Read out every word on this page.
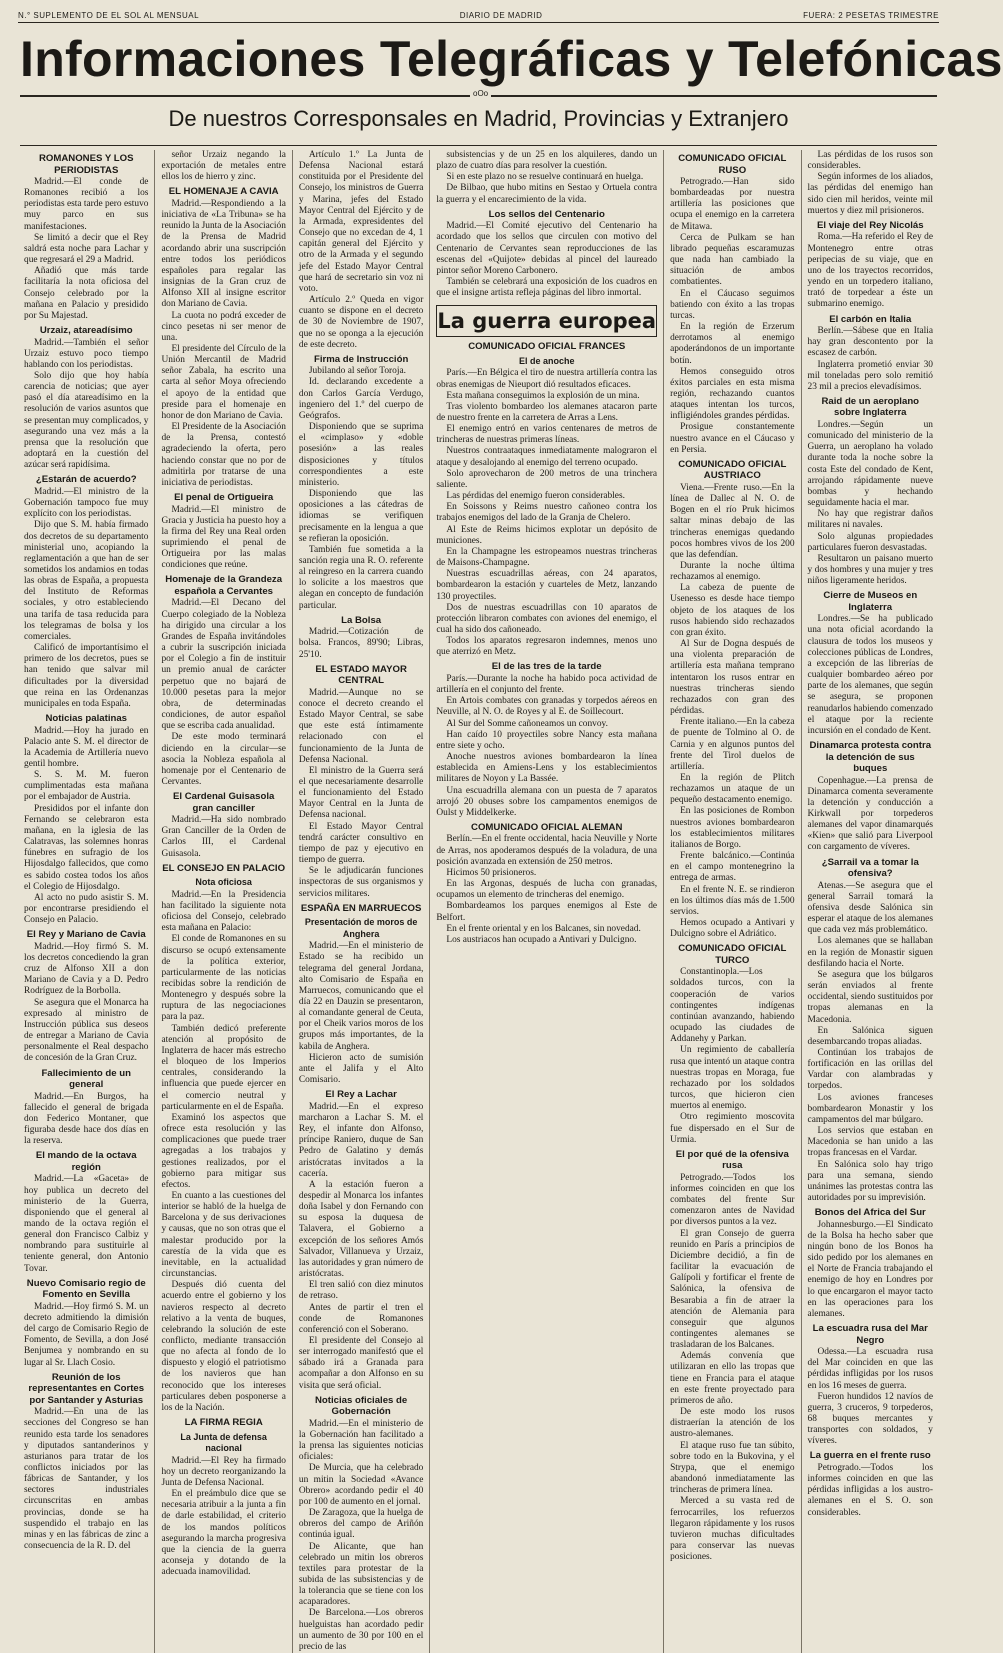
N.° SUPLEMENTO DE EL SOL AL MENSUAL	DIARIO DE MADRID	FUERA: 2 PESETAS TRIMESTRE
Informaciones Telegráficas y Telefónicas
oOo
De nuestros Corresponsales en Madrid, Provincias y Extranjero
ROMANONES Y LOS PERIODISTAS

Madrid.—El conde de Romanones recibió a los periodistas esta tarde pero estuvo muy parco en sus manifestaciones.

Se limitó a decir que el Rey saldrá esta noche para Lachar y que regresará el 29 a Madrid.

Añadió que más tarde facilitaría la nota oficiosa del Consejo celebrado por la mañana en Palacio y presidido por Su Majestad.

Urzaiz, atareadísimo

Madrid.—También el señor Urzaiz estuvo poco tiempo hablando con los periodistas.

Solo dijo que hoy había carencia de noticias; que ayer pasó el día atareadísimo en la resolución de varios asuntos que se presentan muy complicados, y asegurando una vez más a la prensa que la resolución que adoptará en la cuestión del azúcar será rapidísima.

¿Estarán de acuerdo?

Madrid.—El ministro de la Gobernación tampoco fue muy explícito con los periodistas.

Dijo que S. M. había firmado dos decretos de su departamento ministerial uno, acopiando la reglamentación a que han de ser sometidos los andamios en todas las obras de España, a propuesta del Instituto de Reformas sociales, y otro estableciendo una tarifa de tasa reducida para los telegramas de bolsa y los comerciales.

Calificó de importantísimo el primero de los decretos, pues se han tenido que salvar mil dificultades por la diversidad que reina en las Ordenanzas municipales en toda España.

Noticias palatinas

Madrid.—Hoy ha jurado en Palacio ante S. M. el director de la Academia de Artillería nuevo gentil hombre.

S. S. M. M. fueron cumplimentadas esta mañana por el embajador de Austria.

Presididos por el infante don Fernando se celebraron esta mañana, en la iglesia de las Calatravas, las solemnes honras fúnebres en sufragio de los Hijosdalgo fallecidos, que como es sabido costea todos los años el Colegio de Hijosdalgo.

Al acto no pudo asistir S. M. por encontrarse presidiendo el Consejo en Palacio.

El Rey y Mariano de Cavia

Madrid.—Hoy firmó S. M. los decretos concediendo la gran cruz de Alfonso XII a don Mariano de Cavia y a D. Pedro Rodríguez de la Borbolla.

Se asegura que el Monarca ha expresado al ministro de Instrucción pública sus deseos de entregar a Mariano de Cavia personalmente el Real despacho de concesión de la Gran Cruz.

Fallecimiento de un general

Madrid.—En Burgos, ha fallecido el general de brigada don Federico Montaner, que figuraba desde hace dos días en la reserva.

El mando de la octava región

Madrid.—La «Gaceta» de hoy publica un decreto del ministerio de la Guerra, disponiendo que el general al mando de la octava región el general don Francisco Calbiz y nombrando para sustituirle al teniente general, don Antonio Tovar.

Nuevo Comisario regio de Fomento en Sevilla

Madrid.—Hoy firmó S. M. un decreto admitiendo la dimisión del cargo de Comisario Regio de Fomento, de Sevilla, a don José Benjumea y nombrando en su lugar al Sr. Llach Cosio.

Reunión de los representantes en Cortes por Santander y Asturias

Madrid.—En una de las secciones del Congreso se han reunido esta tarde los senadores y diputados santanderinos y asturianos para tratar de los conflictos iniciados por las fábricas de Santander, y los sectores industriales circunscritas en ambas provincias, donde se ha suspendido el trabajo en las minas y en las fábricas de zinc a consecuencia de la R. D. del

señor Urzaiz negando la exportación de metales entre ellos los de hierro y zinc.

EL HOMENAJE A CAVIA

Madrid.—Respondiendo a la iniciativa de «La Tribuna» se ha reunido la Junta de la Asociación de la Prensa de Madrid acordando abrir una suscripción entre todos los periódicos españoles para regalar las insignias de la Gran cruz de Alfonso XII al insigne escritor don Mariano de Cavia.

La cuota no podrá exceder de cinco pesetas ni ser menor de una.

El presidente del Círculo de la Unión Mercantil de Madrid señor Zabala, ha escrito una carta al señor Moya ofreciendo el apoyo de la entidad que preside para el homenaje en honor de don Mariano de Cavia.

El Presidente de la Asociación de la Prensa, contestó agradeciendo la oferta, pero haciendo constar que no por de admitirla por tratarse de una iniciativa de periodistas.

El penal de Ortigueira

Madrid.—El ministro de Gracia y Justicia ha puesto hoy a la firma del Rey una Real orden suprimiendo el penal de Ortigueira por las malas condiciones que reúne.

Homenaje de la Grandeza española a Cervantes

Madrid.—El Decano del Cuerpo colegiado de la Nobleza ha dirigido una circular a los Grandes de España invitándoles a cubrir la suscripción iniciada por el Colegio a fin de instituir un premio anual de carácter perpetuo que no bajará de 10.000 pesetas para la mejor obra, de determinadas condiciones, de autor español que se escriba cada anualidad.

De este modo terminará diciendo en la circular—se asocia la Nobleza española al homenaje por el Centenario de Cervantes.

El Cardenal Guisasola gran canciller

Madrid.—Ha sido nombrado Gran Canciller de la Orden de Carlos III, el Cardenal Guisasola.

EL CONSEJO EN PALACIO
Nota oficiosa

Madrid.—En la Presidencia han facilitado la siguiente nota oficiosa del Consejo, celebrado esta mañana en Palacio:

El conde de Romanones en su discurso se ocupó extensamente de la política exterior, particularmente de las noticias recibidas sobre la rendición de Montenegro y después sobre la ruptura de las negociaciones para la paz.

También dedicó preferente atención al propósito de Inglaterra de hacer más estrecho el bloqueo de los Imperios centrales, considerando la influencia que puede ejercer en el comercio neutral y particularmente en el de España.

Examinó los aspectos que ofrece esta resolución y las complicaciones que puede traer agregadas a los trabajos y gestiones realizados, por el gobierno para mitigar sus efectos.

En cuanto a las cuestiones del interior se habló de la huelga de Barcelona y de sus derivaciones y causas, que no son otras que el malestar producido por la carestía de la vida que es inevitable, en la actualidad circunstancias.

Después dió cuenta del acuerdo entre el gobierno y los navieros respecto al decreto relativo a la venta de buques, celebrando la solución de este conflicto, mediante transacción que no afecta al fondo de lo dispuesto y elogió el patriotismo de los navieros que han reconocido que los intereses particulares deben posponerse a los de la Nación.

LA FIRMA REGIA
La Junta de defensa nacional

Madrid.—El Rey ha firmado hoy un decreto reorganizando la Junta de Defensa Nacional.

En el preámbulo dice que se necesaria atribuir a la junta a fin de darle estabilidad, el criterio de los mandos políticos asegurando la marcha progresiva que la ciencia de la guerra aconseja y dotando de la adecuada inamovilidad.

Artículo 1.º La Junta de Defensa Nacional estará constituida por el Presidente del Consejo, los ministros de Guerra y Marina, jefes del Estado Mayor Central del Ejército y de la Armada, expresidentes del Consejo que no excedan de 4, 1 capitán general del Ejército y otro de la Armada y el segundo jefe del Estado Mayor Central que hará de secretario sin voz ni voto.

Artículo 2.º Queda en vigor cuanto se dispone en el decreto de 30 de Noviembre de 1907, que no se oponga a la ejecución de este decreto.

Firma de Instrucción

Jubilando al señor Toroja.

Id. declarando excedente a don Carlos García Verdugo, ingeniero del 1.º del cuerpo de Geógrafos.

Disponiendo que se suprima el «cimplaso» y «doble posesión» a las reales disposiciones y títulos correspondientes a este ministerio.

Disponiendo que las oposiciones a las cátedras de idiomas se verifiquen precisamente en la lengua a que se refieran la oposición.

También fue sometida a la sanción regia una R. O. referente al reingreso en la carrera cuando lo solicite a los maestros que alegan en concepto de fundación particular.

La Bolsa

Madrid.—Cotización de bolsa. Francos, 89'90; Libras, 25'10.

EL ESTADO MAYOR CENTRAL

Madrid.—Aunque no se conoce el decreto creando el Estado Mayor Central, se sabe que este está íntimamente relacionado con el funcionamiento de la Junta de Defensa Nacional.

El ministro de la Guerra será el que necesariamente desarrolle el funcionamiento del Estado Mayor Central en la Junta de Defensa nacional.

El Estado Mayor Central tendrá carácter consultivo en tiempo de paz y ejecutivo en tiempo de guerra.

Se le adjudicarán funciones inspectoras de sus organismos y servicios militares.

ESPAÑA EN MARRUECOS
Presentación de moros de Anghera

Madrid.—En el ministerio de Estado se ha recibido un telegrama del general Jordana, alto Comisario de España en Marruecos, comunicando que el día 22 en Dauzin se presentaron, al comandante general de Ceuta, por el Cheik varios moros de los grupos más importantes, de la kabila de Anghera.

Hicieron acto de sumisión ante el Jalifa y el Alto Comisario.

El Rey a Lachar

Madrid.—En el expreso marcharon a Lachar S. M. el Rey, el infante don Alfonso, príncipe Raniero, duque de San Pedro de Galatino y demás aristócratas invitados a la cacería.

A la estación fueron a despedir al Monarca los infantes doña Isabel y don Fernando con su esposa la duquesa de Talavera, el Gobierno a excepción de los señores Amós Salvador, Villanueva y Urzaiz, las autoridades y gran número de aristócratas.

El tren salió con diez minutos de retraso.

Antes de partir el tren el conde de Romanones conferenció con el Soberano.

El presidente del Consejo al ser interrogado manifestó que el sábado irá a Granada para acompañar a don Alfonso en su visita que será oficial.

Noticias oficiales de Gobernación

Madrid.—En el ministerio de la Gobernación han facilitado a la prensa las siguientes noticias oficiales:

De Murcia, que ha celebrado un mitin la Sociedad «Avance Obrero» acordando pedir el 40 por 100 de aumento en el jornal.

De Zaragoza, que la huelga de obreros del campo de Ariñón continúa igual.

De Alicante, que han celebrado un mitin los obreros textiles para protestar de la subida de las subsistencias y de la tolerancia que se tiene con los acaparadores.

De Barcelona.—Los obreros huelguistas han acordado pedir un aumento de 30 por 100 en el precio de las

subsistencias y de un 25 en los alquileres, dando un plazo de cuatro días para resolver la cuestión.

Si en este plazo no se resuelve continuará en huelga.

De Bilbao, que hubo mitins en Sestao y Ortuela contra la guerra y el encarecimiento de la vida.

Los sellos del Centenario

Madrid.—El Comité ejecutivo del Centenario ha acordado que los sellos que circulen con motivo del Centenario de Cervantes sean reproducciones de las escenas del «Quijote» debidas al pincel del laureado pintor señor Moreno Carbonero.

También se celebrará una exposición de los cuadros en que el insigne artista refleja páginas del libro inmortal.

La guerra europea
COMUNICADO OFICIAL FRANCES
El de anoche

París.—En Bélgica el tiro de nuestra artillería contra las obras enemigas de Nieuport dió resultados eficaces.

Esta mañana conseguimos la explosión de un mina.

Tras violento bombardeo los alemanes atacaron parte de nuestro frente en la carretera de Arras a Lens.

El enemigo entró en varios centenares de metros de trincheras de nuestras primeras líneas.

Nuestros contraataques inmediatamente malograron el ataque y desalojando al enemigo del terreno ocupado.

Solo aprovecharon de 200 metros de una trinchera saliente.

Las pérdidas del enemigo fueron considerables.

En Soissons y Reims nuestro cañoneo contra los trabajos enemigos del lado de la Granja de Chelero.

Al Este de Reims hicimos explotar un depósito de municiones.

En la Champagne les estropeamos nuestras trincheras de Maisons-Champagne.

Nuestras escuadrillas aéreas, con 24 aparatos, bombardearon la estación y cuarteles de Metz, lanzando 130 proyectiles.

Dos de nuestras escuadrillas con 10 aparatos de protección libraron combates con aviones del enemigo, el cual ha sido dos cañoneado.

Todos los aparatos regresaron indemnes, menos uno que aterrizó en Metz.

El de las tres de la tarde

París.—Durante la noche ha habido poca actividad de artillería en el conjunto del frente.

En Artois combates con granadas y torpedos aéreos en Neuville, al N. O. de Royes y al E. de Soillecourt.

Al Sur del Somme cañoneamos un convoy.

Han caído 10 proyectiles sobre Nancy esta mañana entre siete y ocho.

Anoche nuestros aviones bombardearon la línea establecida en Amiens-Lens y los establecimientos militares de Noyon y La Bassée.

Una escuadrilla alemana con un puesta de 7 aparatos arrojó 20 obuses sobre los campamentos enemigos de Oulst y Middelkerke.

COMUNICADO OFICIAL ALEMAN

Berlín.—En el frente occidental, hacia Neuville y Norte de Arras, nos apoderamos después de la voladura, de una posición avanzada en extensión de 250 metros.

Hicimos 50 prisioneros.

En las Argonas, después de lucha con granadas, ocupamos un elemento de trincheras del enemigo.

Bombardeamos los parques enemigos al Este de Belfort.

En el frente oriental y en los Balcanes, sin novedad.

Los austriacos han ocupado a Antivari y Dulcigno.

COMUNICADO OFICIAL RUSO

Petrogrado.—Han sido bombardeadas por nuestra artillería las posiciones que ocupa el enemigo en la carretera de Mitawa.

Cerca de Pulkam se han librado pequeñas escaramuzas que nada han cambiado la situación de ambos combatientes.

En el Cáucaso seguimos batiendo con éxito a las tropas turcas.

En la región de Erzerum derrotamos al enemigo apoderándonos de un importante botín.

Hemos conseguido otros éxitos parciales en esta misma región, rechazando cuantos ataques intentan los turcos, infligiéndoles grandes pérdidas.

Prosigue constantemente nuestro avance en el Cáucaso y en Persia.

COMUNICADO OFICIAL AUSTRIACO

Viena.—Frente ruso.—En la línea de Dallec al N. O. de Bogen en el río Pruk hicimos saltar minas debajo de las trincheras enemigas quedando pocos hombres vivos de los 200 que las defendían.

Durante la noche última rechazamos al enemigo.

La cabeza de puente de Usenesso es desde hace tiempo objeto de los ataques de los rusos habiendo sido rechazados con gran éxito.

Al Sur de Dogna después de una violenta preparación de artillería esta mañana temprano intentaron los rusos entrar en nuestras trincheras siendo rechazados con gran des pérdidas.

Frente italiano.—En la cabeza de puente de Tolmino al O. de Carnia y en algunos puntos del frente del Tirol duelos de artillería.

En la región de Plitch rechazamos un ataque de un pequeño destacamento enemigo.

En las posiciones de Rombon nuestros aviones bombardearon los establecimientos militares italianos de Borgo.

Frente balcánico.—Continúa en el campo montenegrino la entrega de armas.

En el frente N. E. se rindieron en los últimos días más de 1.500 servios.

Hemos ocupado a Antivari y Dulcigno sobre el Adriático.

COMUNICADO OFICIAL TURCO

Constantinopla.—Los soldados turcos, con la cooperación de varios contingentes indígenas continúan avanzando, habiendo ocupado las ciudades de Addanehy y Parkan.

Un regimiento de caballería rusa que intentó un ataque contra nuestras tropas en Moraga, fue rechazado por los soldados turcos, que hicieron cien muertos al enemigo.

Otro regimiento moscovita fue dispersado en el Sur de Urmia.

El por qué de la ofensiva rusa

Petrogrado.—Todos los informes coinciden en que los combates del frente Sur comenzaron antes de Navidad por diversos puntos a la vez.

El gran Consejo de guerra reunido en París a principios de Diciembre decidió, a fin de facilitar la evacuación de Galípoli y fortificar el frente de Salónica, la ofensiva de Besarabia a fin de atraer la atención de Alemania para conseguir que algunos contingentes alemanes se trasladaran de los Balcanes.

Además convenía que utilizaran en ello las tropas que tiene en Francia para el ataque en este frente proyectado para primeros de año.

De este modo los rusos distraerían la atención de los austro-alemanes.

El ataque ruso fue tan súbito, sobre todo en la Bukovina, y el Strypa, que el enemigo abandonó inmediatamente las trincheras de primera línea.

Merced a su vasta red de ferrocarriles, los refuerzos llegaron rápidamente y los rusos tuvieron muchas dificultades para conservar las nuevas posiciones.

Las pérdidas de los rusos son considerables.

Según informes de los aliados, las pérdidas del enemigo han sido cien mil heridos, veinte mil muertos y diez mil prisioneros.

El viaje del Rey Nicolás

Roma.—Ha referido el Rey de Montenegro entre otras peripecias de su viaje, que en uno de los trayectos recorridos, yendo en un torpedero italiano, trató de torpedear a éste un submarino enemigo.

El carbón en Italia

Berlín.—Sábese que en Italia hay gran descontento por la escasez de carbón.

Inglaterra prometió enviar 30 mil toneladas pero solo remitió 23 mil a precios elevadísimos.

Raid de un aeroplano sobre Inglaterra

Londres.—Según un comunicado del ministerio de la Guerra, un aeroplano ha volado durante toda la noche sobre la costa Este del condado de Kent, arrojando rápidamente nueve bombas y hechando seguidamente hacia el mar.

No hay que registrar daños militares ni navales.

Solo algunas propiedades particulares fueron desvastadas.

Resultaron un paisano muerto y dos hombres y una mujer y tres niños ligeramente heridos.

Cierre de Museos en Inglaterra

Londres.—Se ha publicado una nota oficial acordando la clausura de todos los museos y colecciones públicas de Londres, a excepción de las librerías de cualquier bombardeo aéreo por parte de los alemanes, que según se asegura, se proponen reanudarlos habiendo comenzado el ataque por la reciente incursión en el condado de Kent.

Dinamarca protesta contra la detención de sus buques

Copenhague.—La prensa de Dinamarca comenta severamente la detención y conducción a Kirkwall por torpederos alemanes del vapor dinamarqués «Kien» que salió para Liverpool con cargamento de víveres.

¿Sarrail va a tomar la ofensiva?

Atenas.—Se asegura que el general Sarrail tomará la ofensiva desde Salónica sin esperar el ataque de los alemanes que cada vez más problemático.

Los alemanes que se hallaban en la región de Monastir siguen desfilando hacia el Norte.

Se asegura que los búlgaros serán enviados al frente occidental, siendo sustituidos por tropas alemanas en la Macedonia.

En Salónica siguen desembarcando tropas aliadas.

Continúan los trabajos de fortificación en las orillas del Vardar con alambradas y torpedos.

Los aviones franceses bombardearon Monastir y los campamentos del mar búlgaro.

Los servios que estaban en Macedonia se han unido a las tropas francesas en el Vardar.

En Salónica solo hay trigo para una semana, siendo unánimes las protestas contra las autoridades por su imprevisión.

Bonos del Africa del Sur

Johannesburgo.—El Sindicato de la Bolsa ha hecho saber que ningún bono de los Bonos ha sido pedido por los alemanes en el Norte de Francia trabajando el enemigo de hoy en Londres por lo que encargaron el mayor tacto en las operaciones para los alemanes.

La escuadra rusa del Mar Negro

Odessa.—La escuadra rusa del Mar coinciden en que las pérdidas infligidas por los rusos en los 16 meses de guerra.

Fueron hundidos 12 navíos de guerra, 3 cruceros, 9 torpederos, 68 buques mercantes y transportes con soldados, y víveres.

La guerra en el frente ruso

Petrogrado.—Todos los informes coinciden en que las pérdidas infligidas a los austro-alemanes en el S. O. son considerables.
